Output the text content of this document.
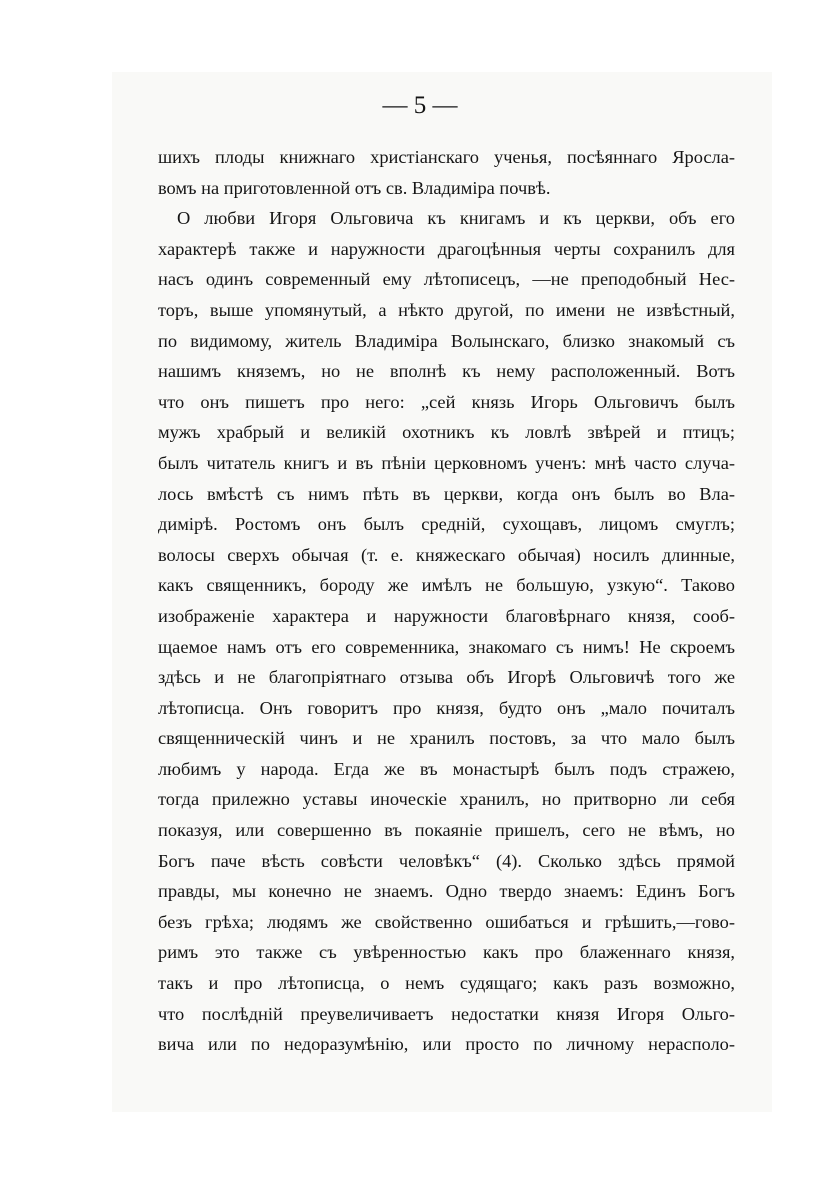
— 5 —
шихъ плоды книжнаго христіанскаго ученья, посѣяннаго Яросла-
вомъ на приготовленной отъ св. Владиміра почвѣ.
О любви Игоря Ольговича къ книгамъ и къ церкви, объ его
характерѣ также и наружности драгоцѣнныя черты сохранилъ для
насъ одинъ современный ему лѣтописецъ, —не преподобный Нес-
торъ, выше упомянутый, а нѣкто другой, по имени не извѣстный,
по видимому, житель Владиміра Волынскаго, близко знакомый съ
нашимъ княземъ, но не вполнѣ къ нему расположенный. Вотъ
что онъ пишетъ про него: „сей князь Игорь Ольговичъ былъ
мужъ храбрый и великій охотникъ къ ловлѣ звѣрей и птицъ;
былъ читатель книгъ и въ пѣніи церковномъ ученъ: мнѣ часто случа-
лось вмѣстѣ съ нимъ пѣть въ церкви, когда онъ былъ во Вла-
димірѣ. Ростомъ онъ былъ средній, сухощавъ, лицомъ смуглъ;
волосы сверхъ обычая (т. е. княжескаго обычая) носилъ длинные,
какъ священникъ, бороду же имѣлъ не большую, узкую“. Таково
изображеніе характера и наружности благовѣрнаго князя, сооб-
щаемое намъ отъ его современника, знакомаго съ нимъ! Не скроемъ
здѣсь и не благопріятнаго отзыва объ Игорѣ Ольговичѣ того же
лѣтописца. Онъ говоритъ про князя, будто онъ „мало почиталъ
священническій чинъ и не хранилъ постовъ, за что мало былъ
любимъ у народа. Егда же въ монастырѣ былъ подъ стражею,
тогда прилежно уставы иноческіе хранилъ, но притворно ли себя
показуя, или совершенно въ покаяніе пришелъ, сего не вѣмъ, но
Богъ паче вѣсть совѣсти человѣкъ“ (4). Сколько здѣсь прямой
правды, мы конечно не знаемъ. Одно твердо знаемъ: Единъ Богъ
безъ грѣха; людямъ же свойственно ошибаться и грѣшить,—гово-
римъ это также съ увѣренностью какъ про блаженнаго князя,
такъ и про лѣтописца, о немъ судящаго; какъ разъ возможно,
что послѣдній преувеличиваетъ недостатки князя Игоря Ольго-
вича или по недоразумѣнію, или просто по личному нерасполо-
